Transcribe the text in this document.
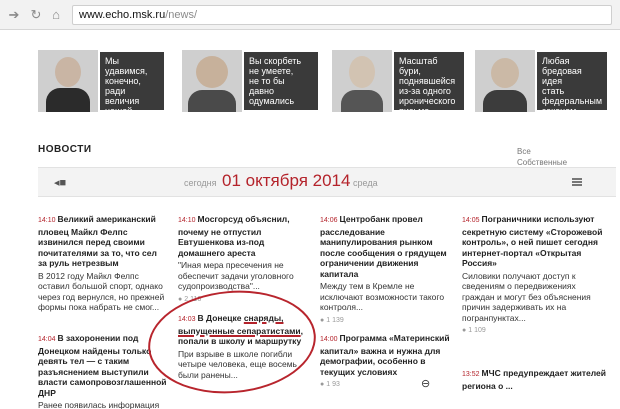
➔ ↻ ⌂	www.echo.msk.ru/news/
Мы удавимся,
конечно,
ради величия
нашей страны
Вы скорбеть
не умеете,
не то бы
давно одумались
Масштаб бури,
поднявшейся
из-за одного
иронического
письма
Любая
бредовая идея
стать
федеральным
законом
НОВОСТИ	Все
Собственные
◂■	сегодня 01 октября 2014 среда
14:10 Великий американский пловец Майкл Фелпс извинился перед своими почитателями за то, что сел за руль нетрезвым
В 2012 году Майкл Фелпс оставил большой спорт, однако через год вернулся, но прежней формы пока набрать не смог...
14:10 Мосгорсуд объяснил, почему не отпустил Евтушенкова из-под домашнего ареста
"Иная мера пресечения не обеспечит задачи уголовного судопроизводства"...
● 2 116
14:06 Центробанк провел расследование манипулирования рынком после сообщения о грядущем ограничении движения капитала
Между тем в Кремле не исключают возможности такого контроля...
● 1 139
14:05 Пограничники используют секретную систему «Сторожевой контроль», о ней пишет сегодня интернет-портал «Открытая Россия»
Силовики получают доступ к сведениям о передвижениях граждан и могут без объяснения причин задерживать их на погранпунктах...
● 1 109
14:04 В захоронении под Донецком найдены только девять тел — с таким разъяснением выступили власти самопровозглашенной ДНР
Ранее появилась информация
14:03 В Донецке снаряды, выпущенные сепаратистами, попали в школу и маршрутку
При взрыве в школе погибли четыре человека, еще восемь были ранены...
14:00 Программа «Материнский капитал» важна и нужна для демографии, особенно в текущих условиях
● 1 93
13:52 МЧС предупреждает жителей региона о ...
⊖
